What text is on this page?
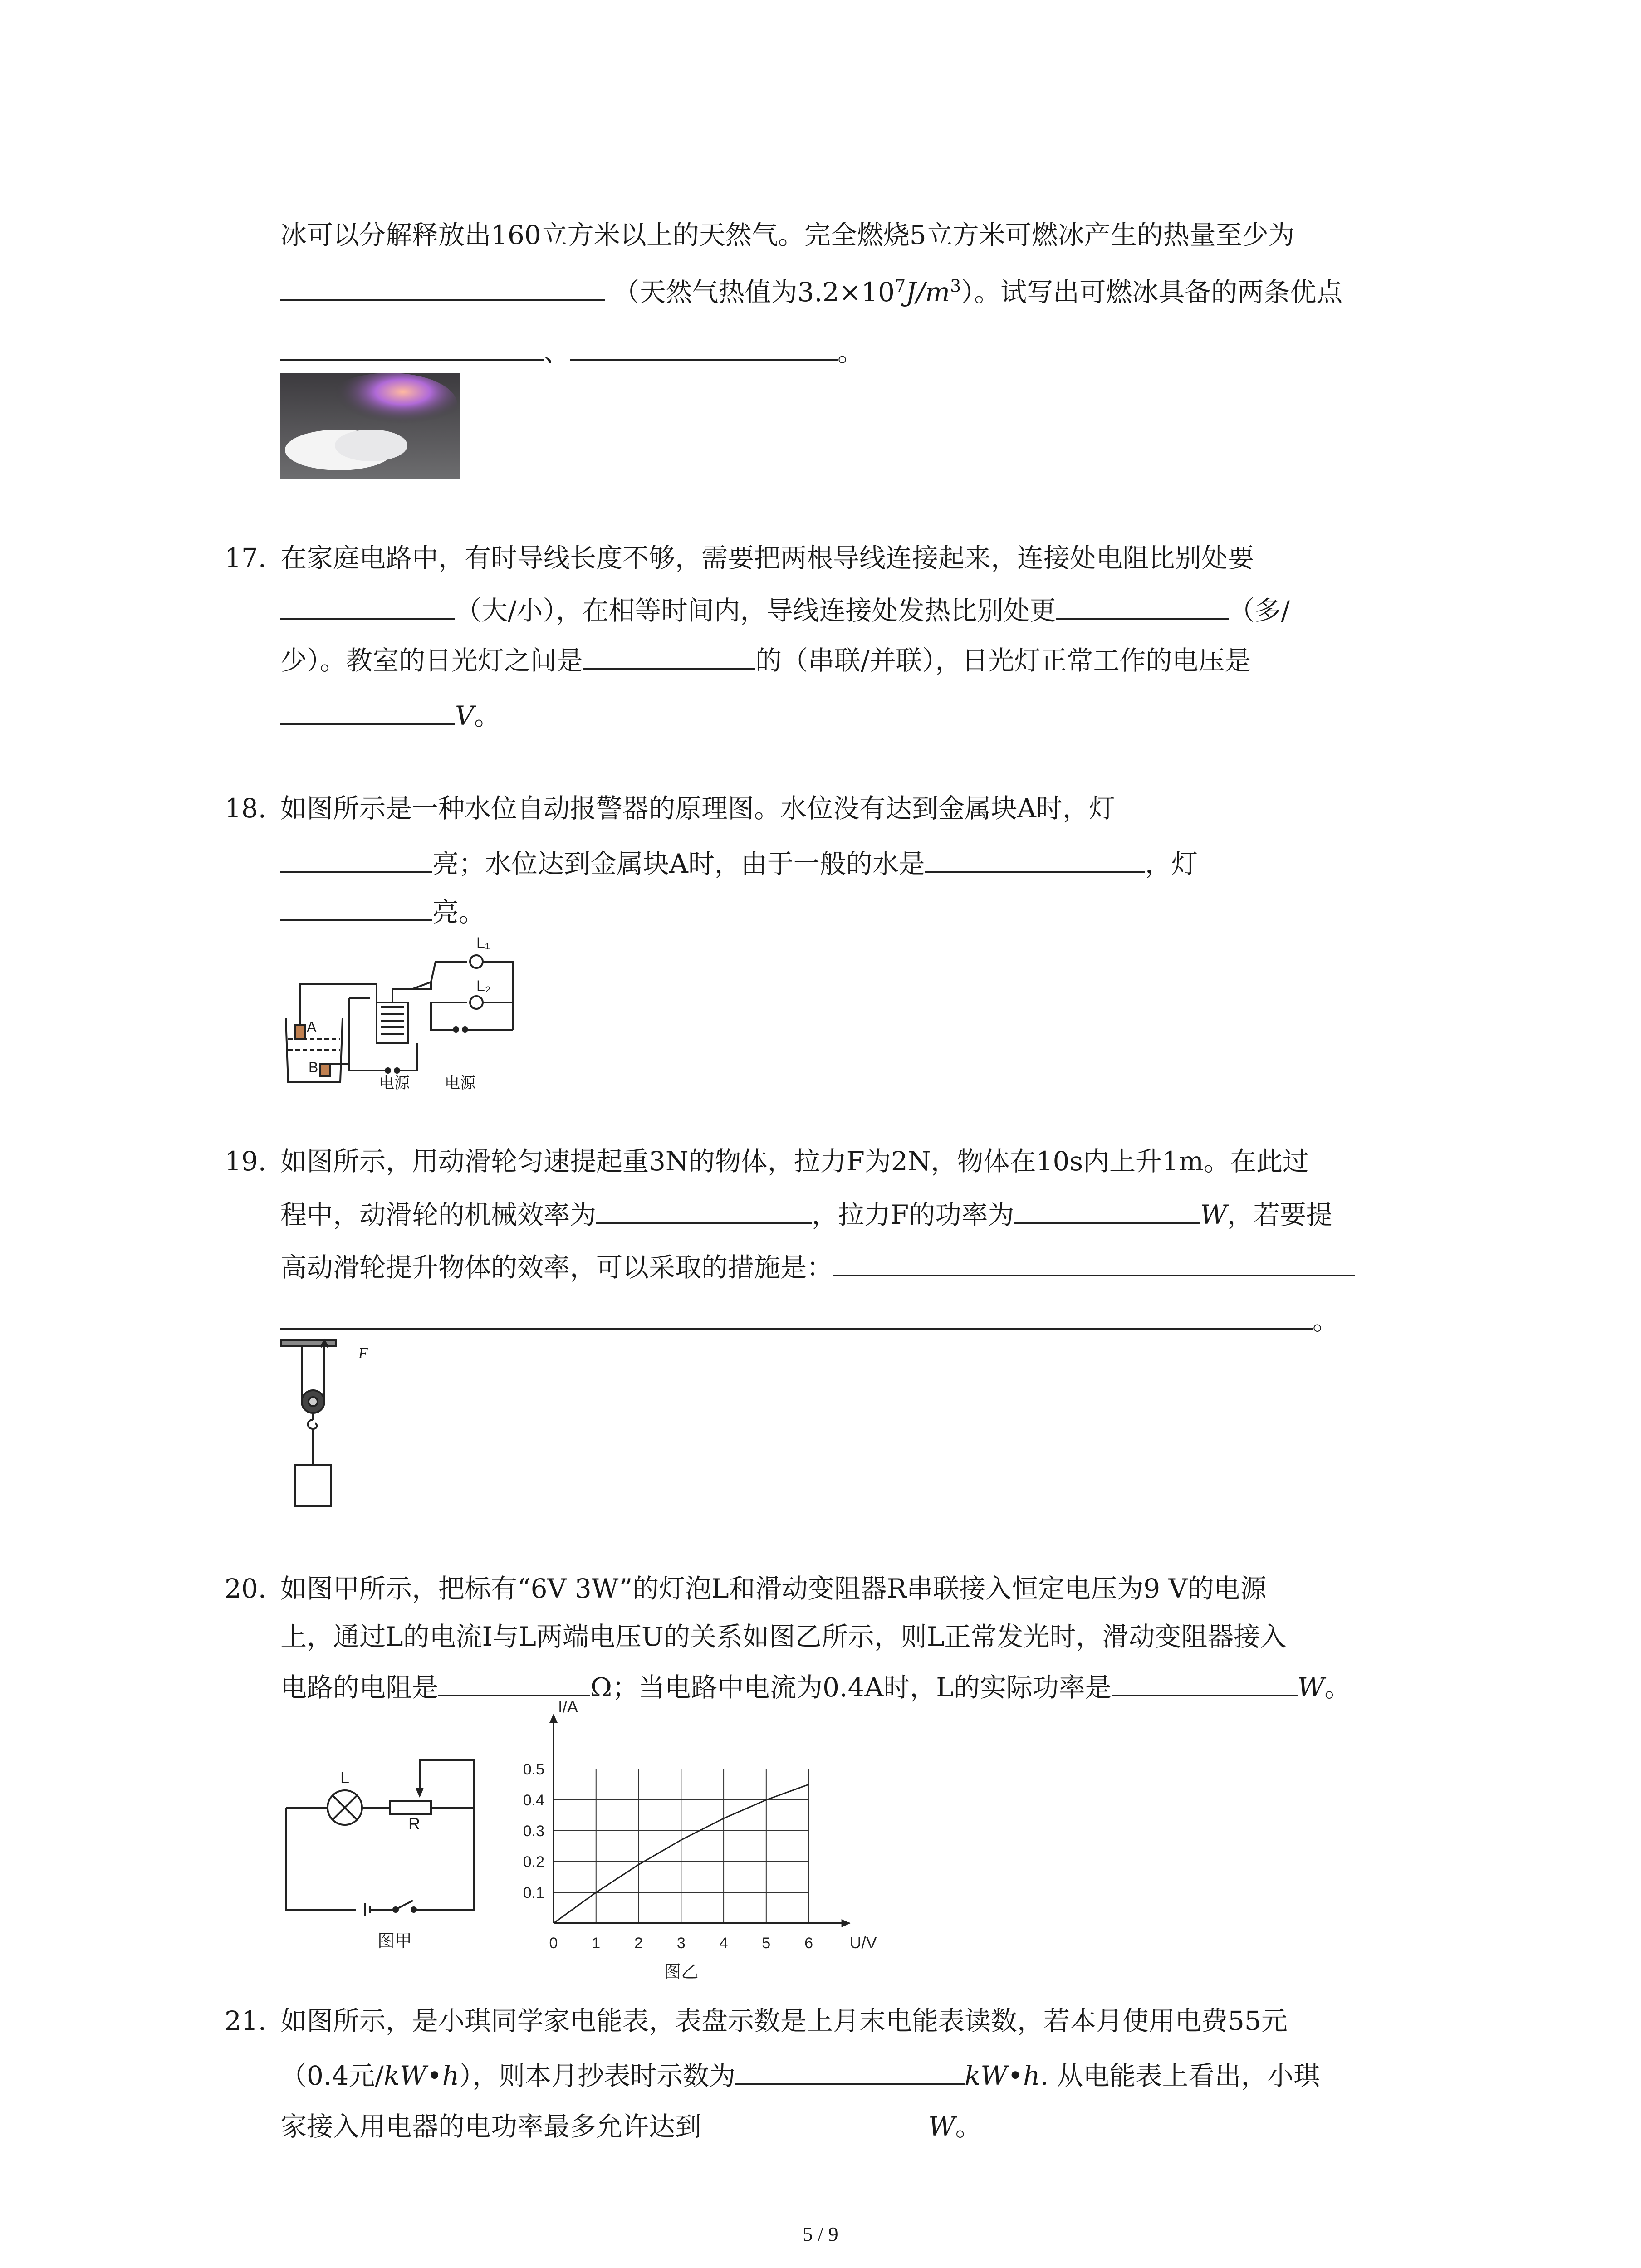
冰可以分解释放出160立方米以上的天然气。完全燃烧5立方米可燃冰产生的热量至少为
（天然气热值为$3.2\times 10^7J/m^3$）。试写出可燃冰具备的两条优点
、	。
17. 在家庭电路中，有时导线长度不够，需要把两根导线连接起来，连接处电阻比别处要
（大/小），在相等时间内，导线连接处发热比别处更	（多/
少）。教室的日光灯之间是	的（串联/并联），日光灯正常工作的电压是
V。
18. 如图所示是一种水位自动报警器的原理图。水位没有达到金属块A时，灯
亮；水位达到金属块A时，由于一般的水是	，灯
亮。
L₁
L₂
A
B
电源 电源
19. 如图所示，用动滑轮匀速提起重3N的物体，拉力F为2N，物体在10s内上升1m。在此过
程中，动滑轮的机械效率为	，拉力F的功率为	W，若要提
高动滑轮提升物体的效率，可以采取的措施是：
。
F
20. 如图甲所示，把标有“6V 3W”的灯泡L和滑动变阻器R串联接入恒定电压为9 V的电源
上，通过L的电流I与L两端电压U的关系如图乙所示，则L正常发光时，滑动变阻器接入
电路的电阻是	Ω；当电路中电流为0.4A时，L的实际功率是	W。
L
R
图甲	0 1 2 3 4 5 6
0.1
0.2
0.3
0.4
0.5
I/A
U/V
图乙
21. 如图所示，是小琪同学家电能表，表盘示数是上月末电能表读数，若本月使用电费55元
（0.4元/kW•h），则本月抄表时示数为	kW•h. 从电能表上看出，小琪
家接入用电器的电功率最多允许达到	W。
5 / 9
